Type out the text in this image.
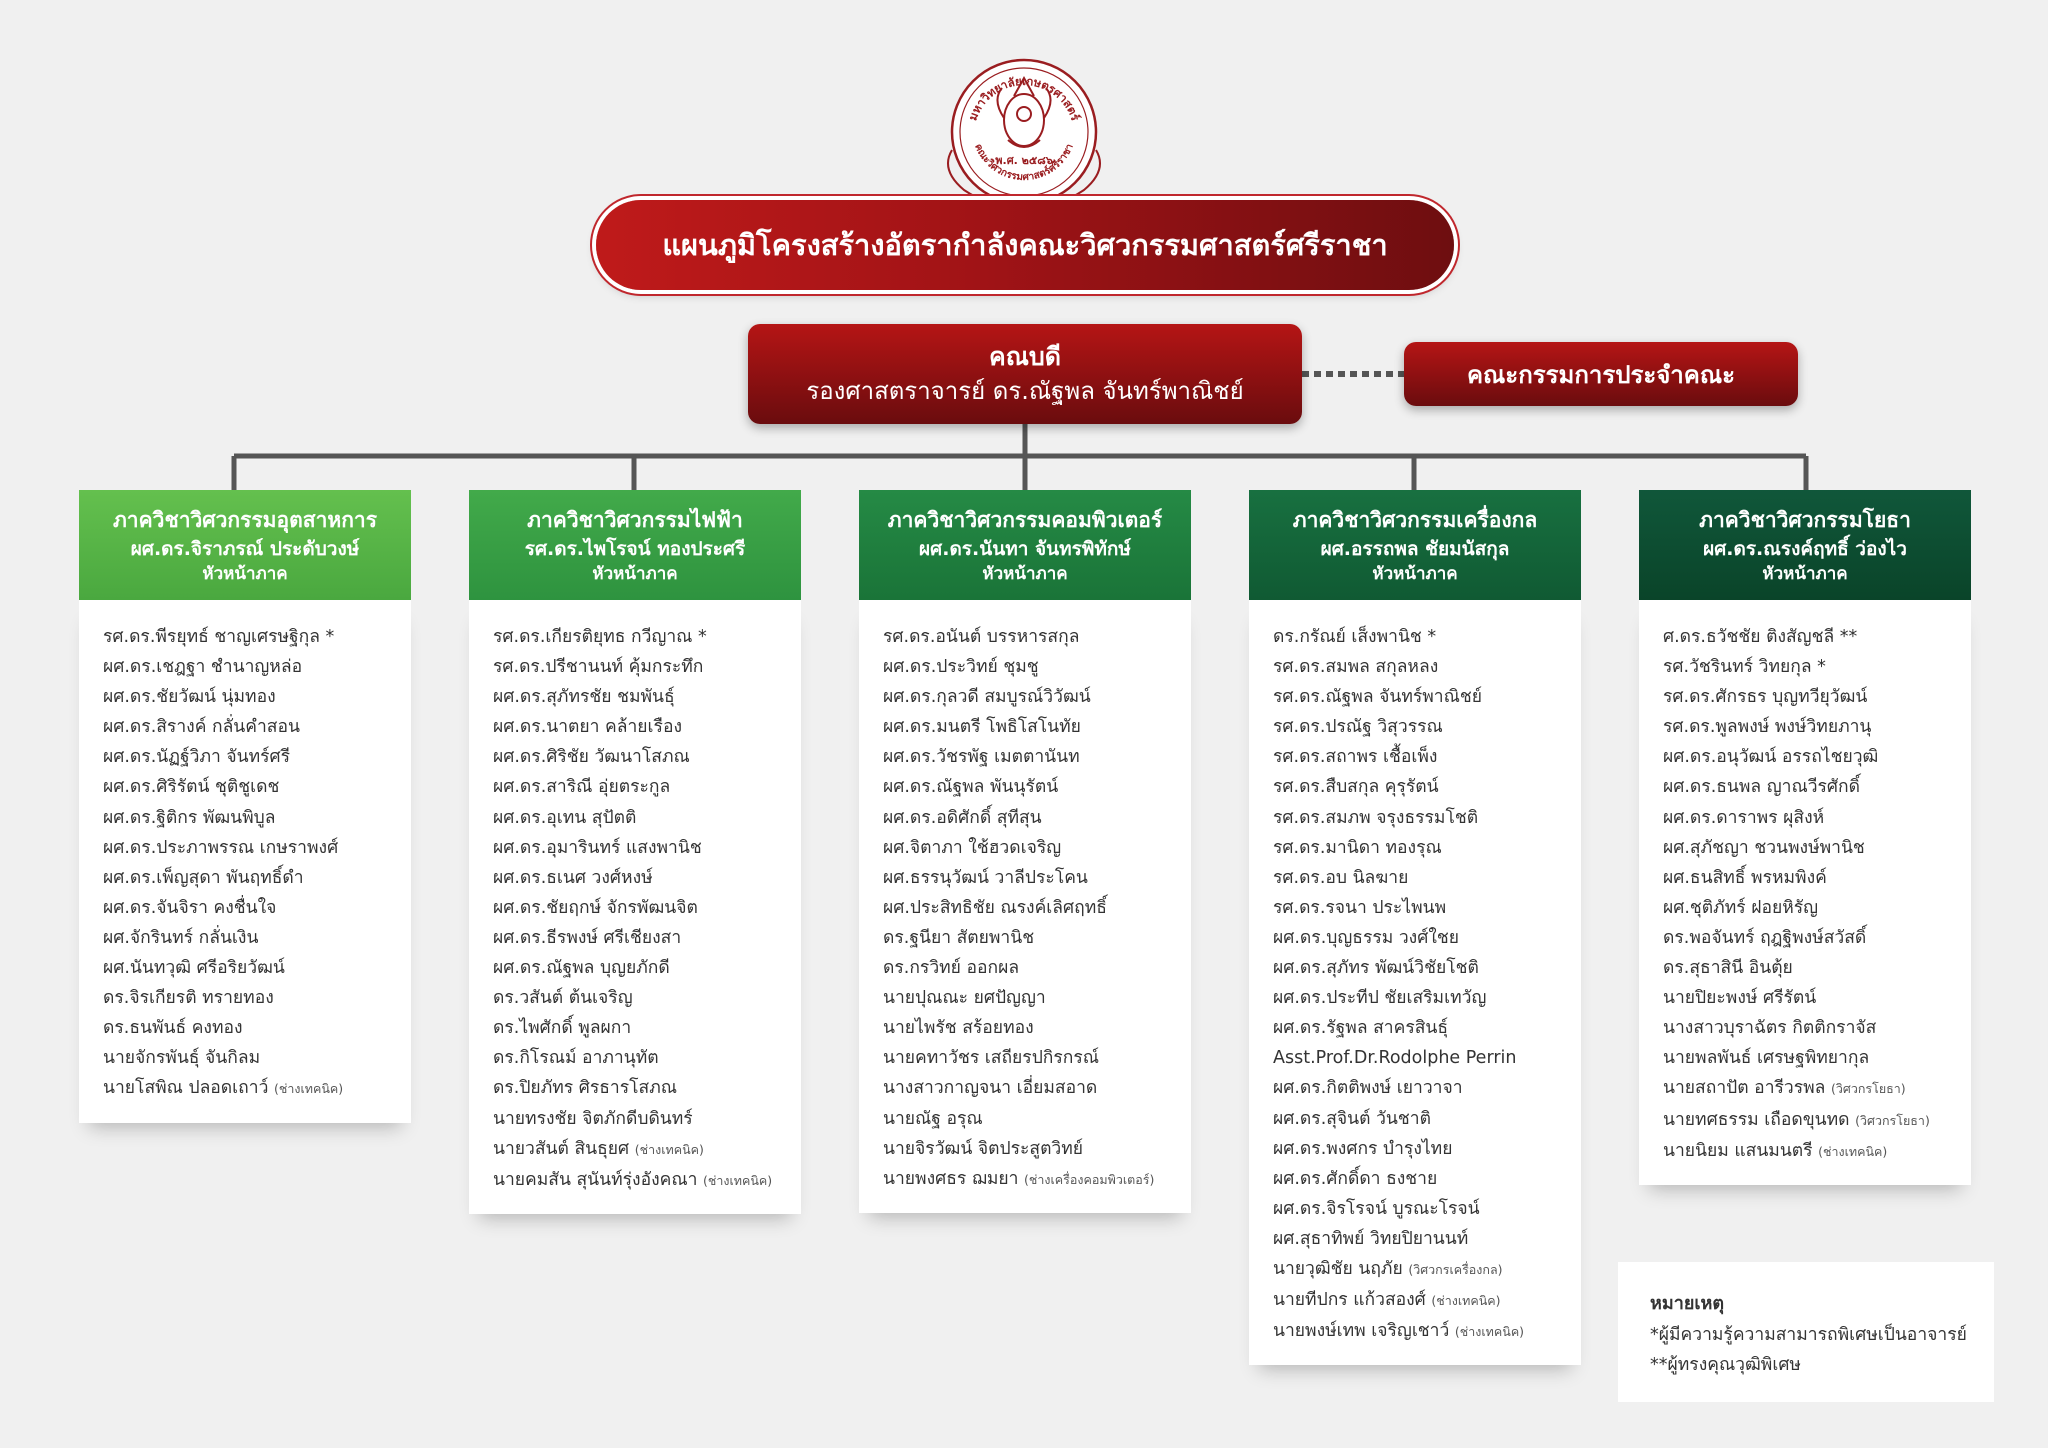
มหาวิทยาลัยเกษตรศาสตร์
พ.ศ. ๒๕๘๖
คณะวิศวกรรมศาสตร์ศรีราชา
แผนภูมิโครงสร้างอัตรากำลังคณะวิศวกรรมศาสตร์ศรีราชา
คณบดี
รองศาสตราจารย์ ดร.ณัฐพล จันทร์พาณิชย์
คณะกรรมการประจำคณะ
ภาควิชาวิศวกรรมอุตสาหการ
ผศ.ดร.จิราภรณ์ ประดับวงษ์
หัวหน้าภาค
รศ.ดร.พีรยุทธ์ ชาญเศรษฐิกุล *
ผศ.ดร.เชฎฐา ชำนาญหล่อ
ผศ.ดร.ชัยวัฒน์ นุ่มทอง
ผศ.ดร.สิรางค์ กลั่นคำสอน
ผศ.ดร.นัฏฐ์วิภา จันทร์ศรี
ผศ.ดร.ศิริรัตน์ ชุติชูเดช
ผศ.ดร.ฐิติกร พัฒนพิบูล
ผศ.ดร.ประภาพรรณ เกษราพงศ์
ผศ.ดร.เพ็ญสุดา พันฤทธิ์ดำ
ผศ.ดร.จันจิรา คงชื่นใจ
ผศ.จักรินทร์ กลั่นเงิน
ผศ.นันทวุฒิ ศรีอริยวัฒน์
ดร.จิรเกียรติ ทรายทอง
ดร.ธนพันธ์ คงทอง
นายจักรพันธุ์ จันกิลม
นายโสพิณ ปลอดเถาว์ (ช่างเทคนิค)
ภาควิชาวิศวกรรมไฟฟ้า
รศ.ดร.ไพโรจน์ ทองประศรี
หัวหน้าภาค
รศ.ดร.เกียรติยุทธ กวีญาณ *
รศ.ดร.ปรีชานนท์ คุ้มกระทึก
ผศ.ดร.สุภัทรชัย ชมพันธุ์
ผศ.ดร.นาตยา คล้ายเรือง
ผศ.ดร.ศิริชัย วัฒนาโสภณ
ผศ.ดร.สาริณี อุ่ยตระกูล
ผศ.ดร.อุเทน สุปัตติ
ผศ.ดร.อุมารินทร์ แสงพานิช
ผศ.ดร.ธเนศ วงศ์หงษ์
ผศ.ดร.ชัยฤกษ์ จักรพัฒนจิต
ผศ.ดร.ธีรพงษ์ ศรีเชียงสา
ผศ.ดร.ณัฐพล บุญยภักดี
ดร.วสันต์ ต้นเจริญ
ดร.ไพศักดิ์ พูลผกา
ดร.กิโรณม์ อาภานุทัต
ดร.ปิยภัทร ศิรธารโสภณ
นายทรงชัย จิตภักดีบดินทร์
นายวสันต์ สินธุยศ (ช่างเทคนิค)
นายคมสัน สุนันท์รุ่งอังคณา (ช่างเทคนิค)
ภาควิชาวิศวกรรมคอมพิวเตอร์
ผศ.ดร.นันทา จันทรพิทักษ์
หัวหน้าภาค
รศ.ดร.อนันต์ บรรหารสกุล
ผศ.ดร.ประวิทย์ ชุมชู
ผศ.ดร.กุลวดี สมบูรณ์วิวัฒน์
ผศ.ดร.มนตรี โพธิโสโนทัย
ผศ.ดร.วัชรพัฐ เมตตานันท
ผศ.ดร.ณัฐพล พันนุรัตน์
ผศ.ดร.อดิศักดิ์ สุทีสุน
ผศ.จิตาภา ใช้ฮวดเจริญ
ผศ.ธรรนุวัฒน์ วาลีประโคน
ผศ.ประสิทธิชัย ณรงค์เลิศฤทธิ์
ดร.ฐนียา สัตยพานิช
ดร.กรวิทย์ ออกผล
นายปุณณะ ยศปัญญา
นายไพรัช สร้อยทอง
นายคทาวัชร เสถียรปกิรกรณ์
นางสาวกาญจนา เอี่ยมสอาด
นายณัฐ อรุณ
นายจิรวัฒน์ จิตประสูตวิทย์
นายพงศธร ฌมยา (ช่างเครื่องคอมพิวเตอร์)
ภาควิชาวิศวกรรมเครื่องกล
ผศ.อรรถพล ชัยมนัสกุล
หัวหน้าภาค
ดร.กรัณย์ เส็งพานิช *
รศ.ดร.สมพล สกุลหลง
รศ.ดร.ณัฐพล จันทร์พาณิชย์
รศ.ดร.ปรณัฐ วิสุวรรณ
รศ.ดร.สถาพร เชื้อเพ็ง
รศ.ดร.สืบสกุล คุรุรัตน์
รศ.ดร.สมภพ จรุงธรรมโชติ
รศ.ดร.มานิดา ทองรุณ
รศ.ดร.อบ นิลฆาย
รศ.ดร.รจนา ประไพนพ
ผศ.ดร.บุญธรรม วงศ์ใชย
ผศ.ดร.สุภัทร พัฒน์วิชัยโชติ
ผศ.ดร.ประทีป ชัยเสริมเทวัญ
ผศ.ดร.รัฐพล สาครสินธุ์
Asst.Prof.Dr.Rodolphe Perrin
ผศ.ดร.กิตติพงษ์ เยาวาจา
ผศ.ดร.สุจินต์ วันชาติ
ผศ.ดร.พงศกร บำรุงไทย
ผศ.ดร.ศักดิ์ดา ธงชาย
ผศ.ดร.จิรโรจน์ บูรณะโรจน์
ผศ.สุธาทิพย์ วิทยปิยานนท์
นายวุฒิชัย นฤภัย (วิศวกรเครื่องกล)
นายทีปกร แก้วสองศ์ (ช่างเทคนิค)
นายพงษ์เทพ เจริญเชาว์ (ช่างเทคนิค)
ภาควิชาวิศวกรรมโยธา
ผศ.ดร.ณรงค์ฤทธิ์ ว่องไว
หัวหน้าภาค
ศ.ดร.ธวัชชัย ติงสัญชลี **
รศ.วัชรินทร์ วิทยกุล *
รศ.ดร.ศักรธร บุญทวียุวัฒน์
รศ.ดร.พูลพงษ์ พงษ์วิทยภานุ
ผศ.ดร.อนุวัฒน์ อรรถไชยวุฒิ
ผศ.ดร.ธนพล ญาณวีรศักดิ์
ผศ.ดร.ดาราพร ผุสิงห์
ผศ.สุภัชญา ชวนพงษ์พานิช
ผศ.ธนสิทธิ์ พรหมพิงค์
ผศ.ชุติภัทร์ ฝอยหิรัญ
ดร.พอจันทร์ ฤฎฐิพงษ์สวัสดิ์
ดร.สุธาสินี อินตุ้ย
นายปิยะพงษ์ ศรีรัตน์
นางสาวบุราฉัตร กิตติกราจัส
นายพลพันธ์ เศรษฐพิทยากุล
นายสถาปัต อารีวรพล (วิศวกรโยธา)
นายทศธรรม เถือดขุนทด (วิศวกรโยธา)
นายนิยม แสนมนตรี (ช่างเทคนิค)
หมายเหตุ
*ผู้มีความรู้ความสามารถพิเศษเป็นอาจารย์
**ผู้ทรงคุณวุฒิพิเศษ
